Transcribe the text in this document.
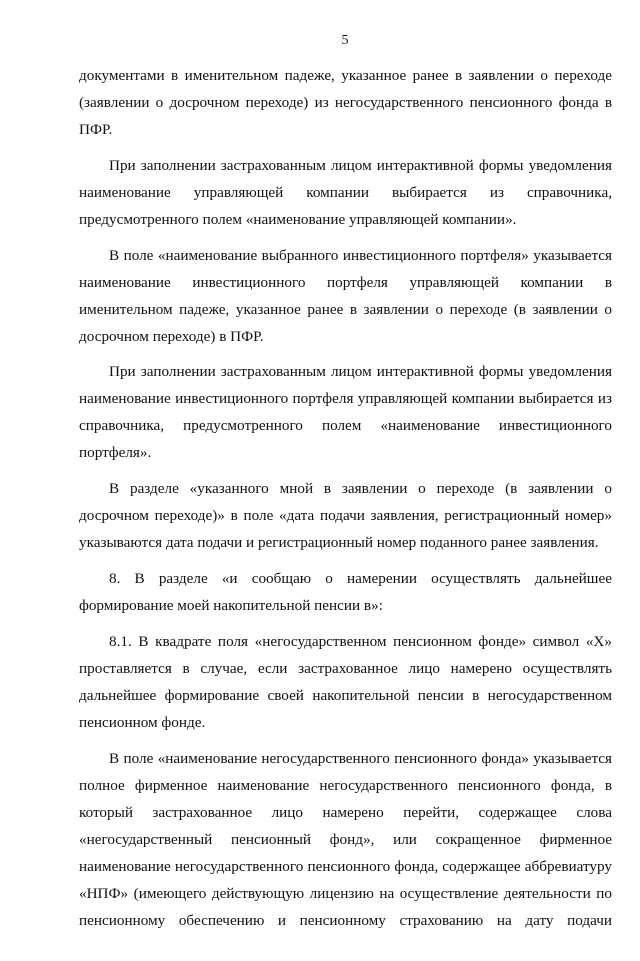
5

документами в именительном падеже, указанное ранее в заявлении о переходе (заявлении о досрочном переходе) из негосударственного пенсионного фонда в ПФР.

При заполнении застрахованным лицом интерактивной формы уведомления наименование управляющей компании выбирается из справочника, предусмотренного полем «наименование управляющей компании».

В поле «наименование выбранного инвестиционного портфеля» указывается наименование инвестиционного портфеля управляющей компании в именительном падеже, указанное ранее в заявлении о переходе (в заявлении о досрочном переходе) в ПФР.

При заполнении застрахованным лицом интерактивной формы уведомления наименование инвестиционного портфеля управляющей компании выбирается из справочника, предусмотренного полем «наименование инвестиционного портфеля».

В разделе «указанного мной в заявлении о переходе (в заявлении о досрочном переходе)» в поле «дата подачи заявления, регистрационный номер» указываются дата подачи и регистрационный номер поданного ранее заявления.

8. В разделе «и сообщаю о намерении осуществлять дальнейшее формирование моей накопительной пенсии в»:

8.1. В квадрате поля «негосударственном пенсионном фонде» символ «Х» проставляется в случае, если застрахованное лицо намерено осуществлять дальнейшее формирование своей накопительной пенсии в негосударственном пенсионном фонде.

В поле «наименование негосударственного пенсионного фонда» указывается полное фирменное наименование негосударственного пенсионного фонда, в который застрахованное лицо намерено перейти, содержащее слова «негосударственный пенсионный фонд», или сокращенное фирменное наименование негосударственного пенсионного фонда, содержащее аббревиатуру «НПФ» (имеющего действующую лицензию на осуществление деятельности по пенсионному обеспечению и пенсионному страхованию на дату подачи
